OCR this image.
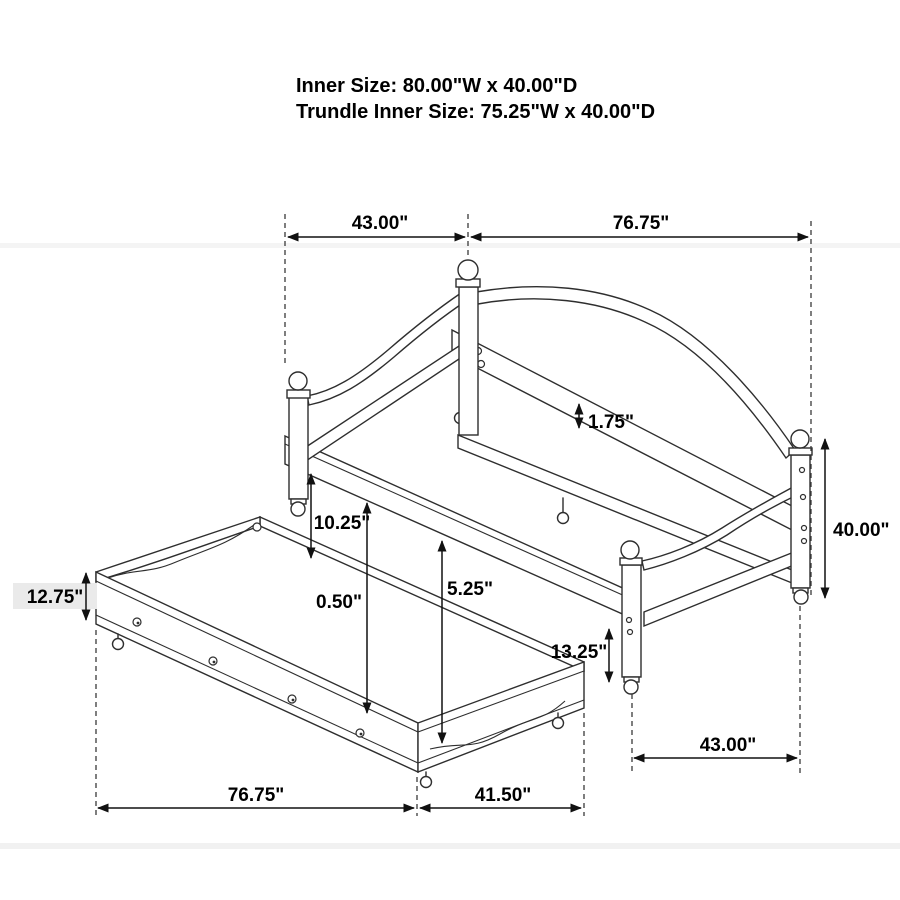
Inner Size: 80.00"W x 40.00"D
Trundle Inner Size: 75.25"W x 40.00"D
43.00"	76.75"
40.00"
1.75"
10.25"
0.50"
5.25"
13.25"
12.75"
76.75"	41.50"
43.00"
